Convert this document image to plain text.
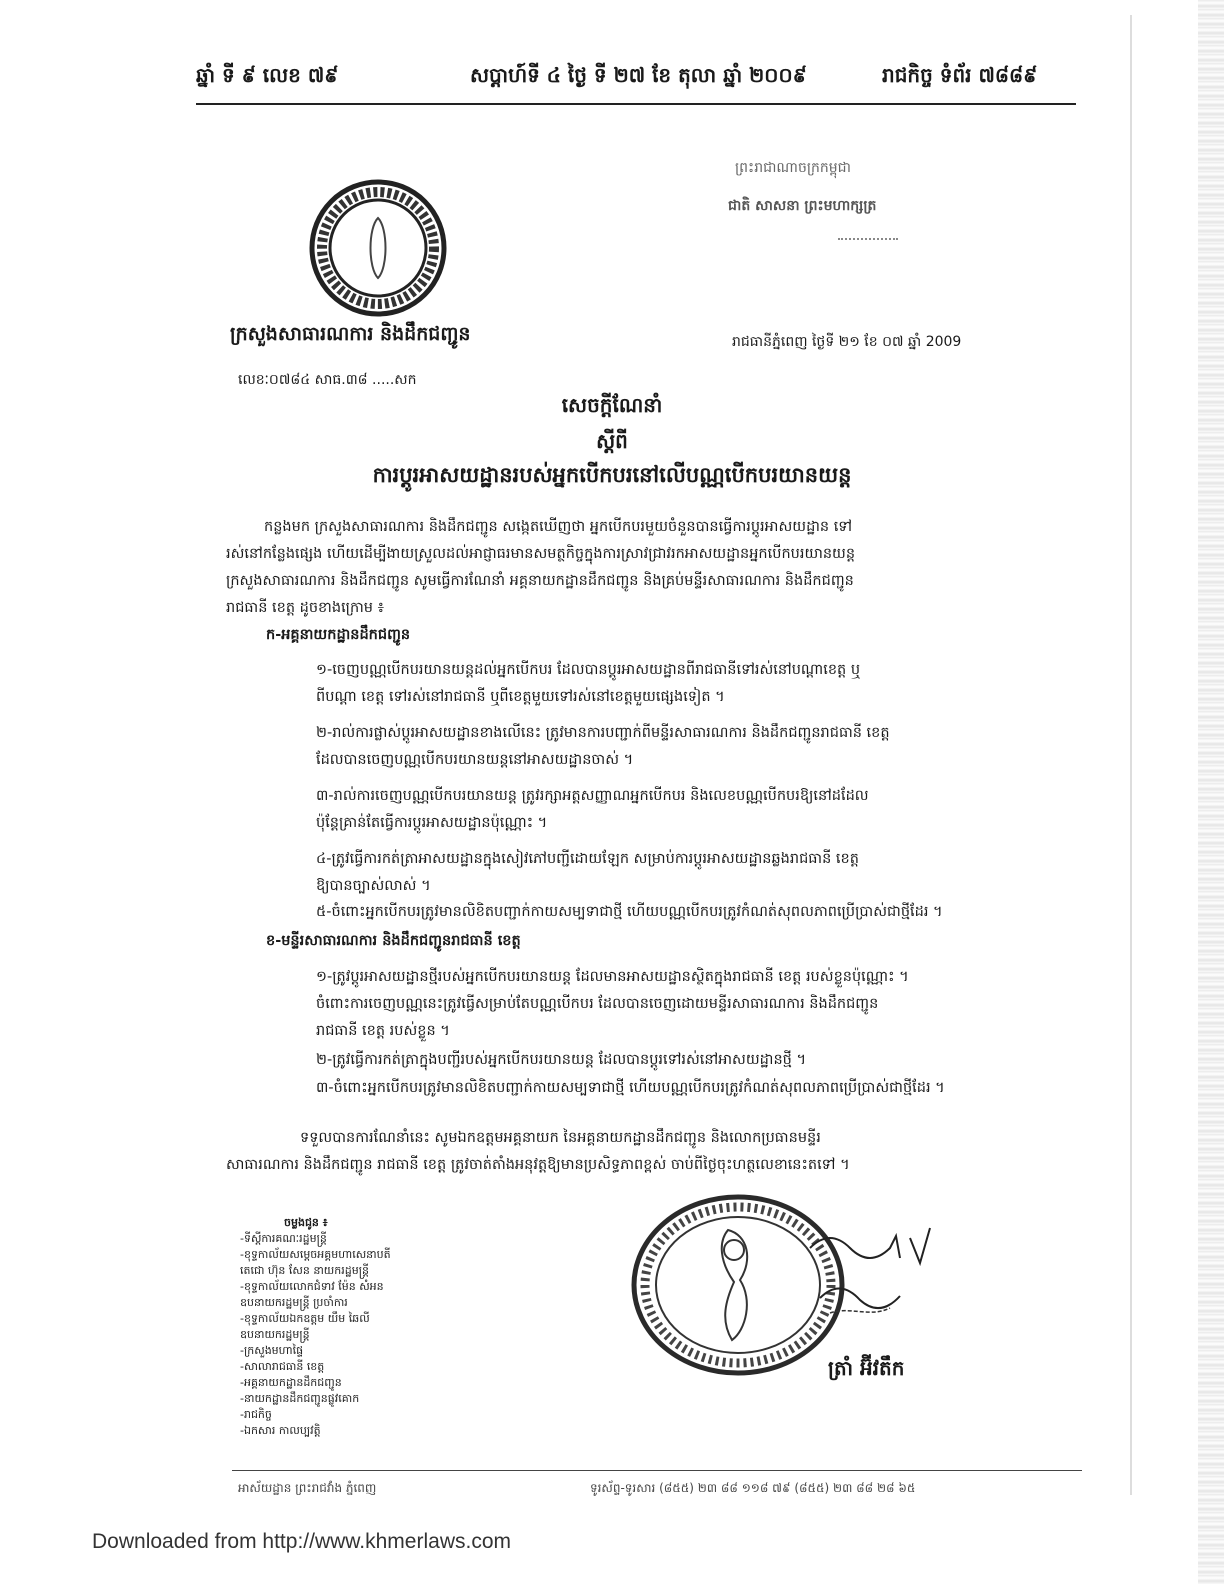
ឆ្នាំ ទី ៩ លេខ ៧៩	សប្តាហ៍ទី ៤ ថ្ងៃ ទី ២៧ ខែ តុលា ឆ្នាំ ២០០៩	រាជកិច្ច ទំព័រ ៧៨៨៩
ព្រះរាជាណាចក្រកម្ពុជា
ជាតិ សាសនា ព្រះមហាក្សត្រ
ក្រសួងសាធារណការ និងដឹកជញ្ជូន
លេខៈ០៧៨៤ សាធ.៣៨ .....សក
រាជធានីភ្នំពេញ ថ្ងៃទី ២១ ខែ ០៧ ឆ្នាំ 2009
សេចក្តីណែនាំ
ស្តីពី
ការប្តូរអាសយដ្ឋានរបស់អ្នកបើកបរនៅលើបណ្ណបើកបរយានយន្ត
កន្លងមក ក្រសួងសាធារណការ និងដឹកជញ្ជូន សង្កេតឃើញថា អ្នកបើកបរមួយចំនួនបានធ្វើការប្តូរអាសយដ្ឋាន ទៅ
រស់នៅកន្លែងផ្សេង ហើយដើម្បីងាយស្រួលដល់អាជ្ញាធរមានសមត្ថកិច្ចក្នុងការស្រាវជ្រាវរកអាសយដ្ឋានអ្នកបើកបរយានយន្ត
ក្រសួងសាធារណការ និងដឹកជញ្ជូន សូមធ្វើការណែនាំ អគ្គនាយកដ្ឋានដឹកជញ្ជូន និងគ្រប់មន្ទីរសាធារណការ និងដឹកជញ្ជូន
រាជធានី ខេត្ត ដូចខាងក្រោម ៖
ក-អគ្គនាយកដ្ឋានដឹកជញ្ជូន
១-ចេញបណ្ណបើកបរយានយន្តដល់អ្នកបើកបរ ដែលបានប្តូរអាសយដ្ឋានពីរាជធានីទៅរស់នៅបណ្តាខេត្ត ឬ
ពីបណ្តា ខេត្ត ទៅរស់នៅរាជធានី ឬពីខេត្តមួយទៅរស់នៅខេត្តមួយផ្សេងទៀត ។
២-រាល់ការផ្លាស់ប្តូរអាសយដ្ឋានខាងលើនេះ ត្រូវមានការបញ្ជាក់ពីមន្ទីរសាធារណការ និងដឹកជញ្ជូនរាជធានី ខេត្ត
ដែលបានចេញបណ្ណបើកបរយានយន្តនៅអាសយដ្ឋានចាស់ ។
៣-រាល់ការចេញបណ្ណបើកបរយានយន្ត ត្រូវរក្សាអត្តសញ្ញាណអ្នកបើកបរ និងលេខបណ្ណបើកបរឱ្យនៅដដែល
ប៉ុន្តែគ្រាន់តែធ្វើការប្តូរអាសយដ្ឋានប៉ុណ្ណោះ ។
៤-ត្រូវធ្វើការកត់ត្រាអាសយដ្ឋានក្នុងសៀវភៅបញ្ជីដោយឡែក សម្រាប់ការប្តូរអាសយដ្ឋានឆ្លងរាជធានី ខេត្ត
ឱ្យបានច្បាស់លាស់ ។
៥-ចំពោះអ្នកបើកបរត្រូវមានលិខិតបញ្ជាក់កាយសម្បទាជាថ្មី ហើយបណ្ណបើកបរត្រូវកំណត់សុពលភាពប្រើប្រាស់ជាថ្មីដែរ ។
ខ-មន្ទីរសាធារណការ និងដឹកជញ្ជូនរាជធានី ខេត្ត
១-ត្រូវប្តូរអាសយដ្ឋានថ្មីរបស់អ្នកបើកបរយានយន្ត ដែលមានអាសយដ្ឋានស្ថិតក្នុងរាជធានី ខេត្ត របស់ខ្លួនប៉ុណ្ណោះ ។
ចំពោះការចេញបណ្ណនេះត្រូវធ្វើសម្រាប់តែបណ្ណបើកបរ ដែលបានចេញដោយមន្ទីរសាធារណការ និងដឹកជញ្ជូន
រាជធានី ខេត្ត របស់ខ្លួន ។
២-ត្រូវធ្វើការកត់ត្រាក្នុងបញ្ជីរបស់អ្នកបើកបរយានយន្ត ដែលបានប្តូរទៅរស់នៅអាសយដ្ឋានថ្មី ។
៣-ចំពោះអ្នកបើកបរត្រូវមានលិខិតបញ្ជាក់កាយសម្បទាជាថ្មី ហើយបណ្ណបើកបរត្រូវកំណត់សុពលភាពប្រើប្រាស់ជាថ្មីដែរ ។
ទទួលបានការណែនាំនេះ សូមឯកឧត្តមអគ្គនាយក នៃអគ្គនាយកដ្ឋានដឹកជញ្ជូន និងលោកប្រធានមន្ទីរ
សាធារណការ និងដឹកជញ្ជូន រាជធានី ខេត្ត ត្រូវចាត់តាំងអនុវត្តឱ្យមានប្រសិទ្ធភាពខ្ពស់ ចាប់ពីថ្ងៃចុះហត្ថលេខានេះតទៅ ។
ចម្លងជូន ៖
-ទីស្តីការគណៈរដ្ឋមន្ត្រី
-ខុទ្ទកាល័យសម្តេចអគ្គមហាសេនាបតី
តេជោ ហ៊ុន សែន នាយករដ្ឋមន្ត្រី
-ខុទ្ទកាល័យលោកជំទាវ ម៉ែន សំអន
ឧបនាយករដ្ឋមន្ត្រី ប្រចាំការ
-ខុទ្ទកាល័យឯកឧត្តម យឹម ឆៃលី
ឧបនាយករដ្ឋមន្ត្រី
-ក្រសួងមហាផ្ទៃ
-សាលារាជធានី ខេត្ត
-អគ្គនាយកដ្ឋានដឹកជញ្ជូន
-នាយកដ្ឋានដឹកជញ្ជូនផ្លូវគោក
-រាជកិច្ច
-ឯកសារ កាលប្បវត្តិ
ត្រាំ អ៊ីវតឹក
អាស័យដ្ឋាន ព្រះរាជវាំង ភ្នំពេញ	ទូរស័ព្ទ-ទូរសារ (៨៥៥) ២៣ ៨៨ ១១៨ ៧៩ (៨៥៥) ២៣ ៨៨ ២៨ ៦៥
Downloaded from http://www.khmerlaws.com
